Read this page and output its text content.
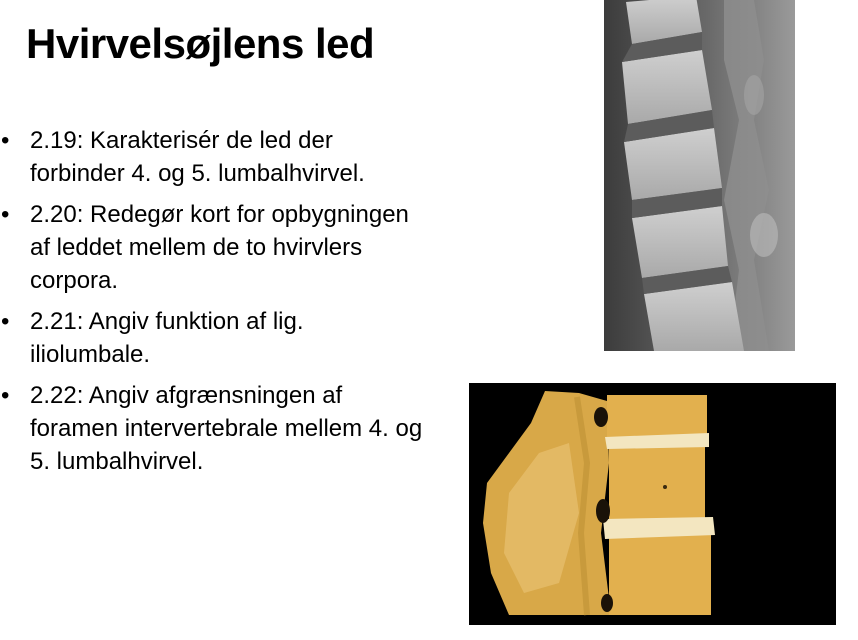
Hvirvelsøjlens led
• 2.19: Karakterisér de led der forbinder 4. og 5. lumbalhvirvel.
• 2.20: Redegør kort for opbygningen af leddet mellem de to hvirvlers corpora.
• 2.21: Angiv funktion af lig. iliolumbale.
• 2.22: Angiv afgrænsningen af foramen intervertebrale mellem 4. og 5. lumbalhvirvel.
